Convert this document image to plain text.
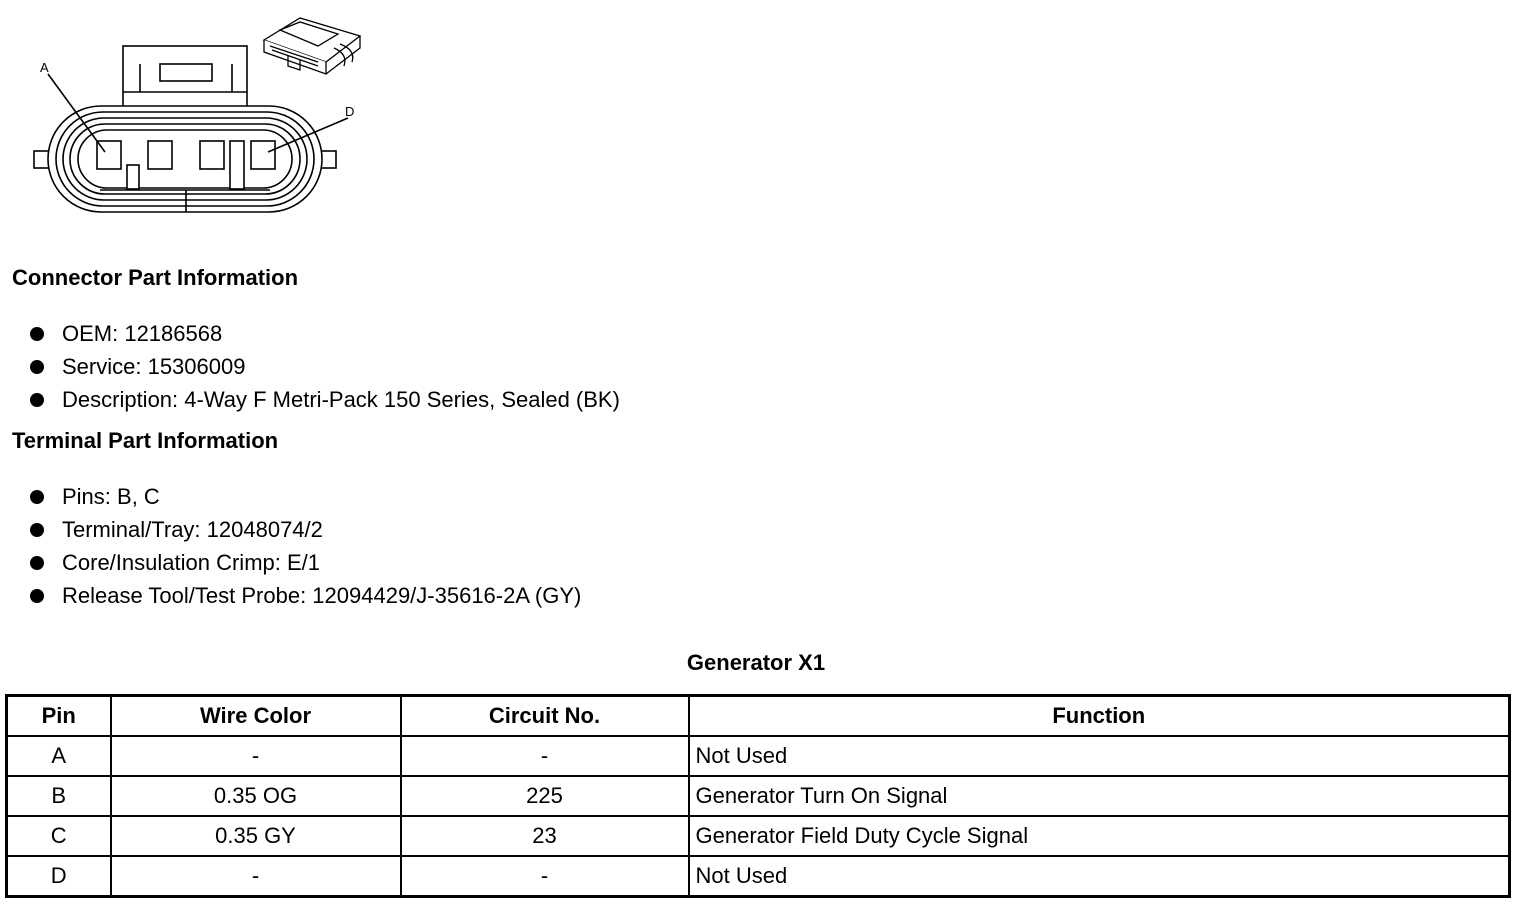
A
D
Connector Part Information
OEM: 12186568
Service: 15306009
Description: 4-Way F Metri-Pack 150 Series, Sealed (BK)
Terminal Part Information
Pins: B, C
Terminal/Tray: 12048074/2
Core/Insulation Crimp: E/1
Release Tool/Test Probe: 12094429/J-35616-2A (GY)
Generator X1
Pin	Wire Color	Circuit No.	Function
A	-	-	Not Used
B	0.35 OG	225	Generator Turn On Signal
C	0.35 GY	23	Generator Field Duty Cycle Signal
D	-	-	Not Used
